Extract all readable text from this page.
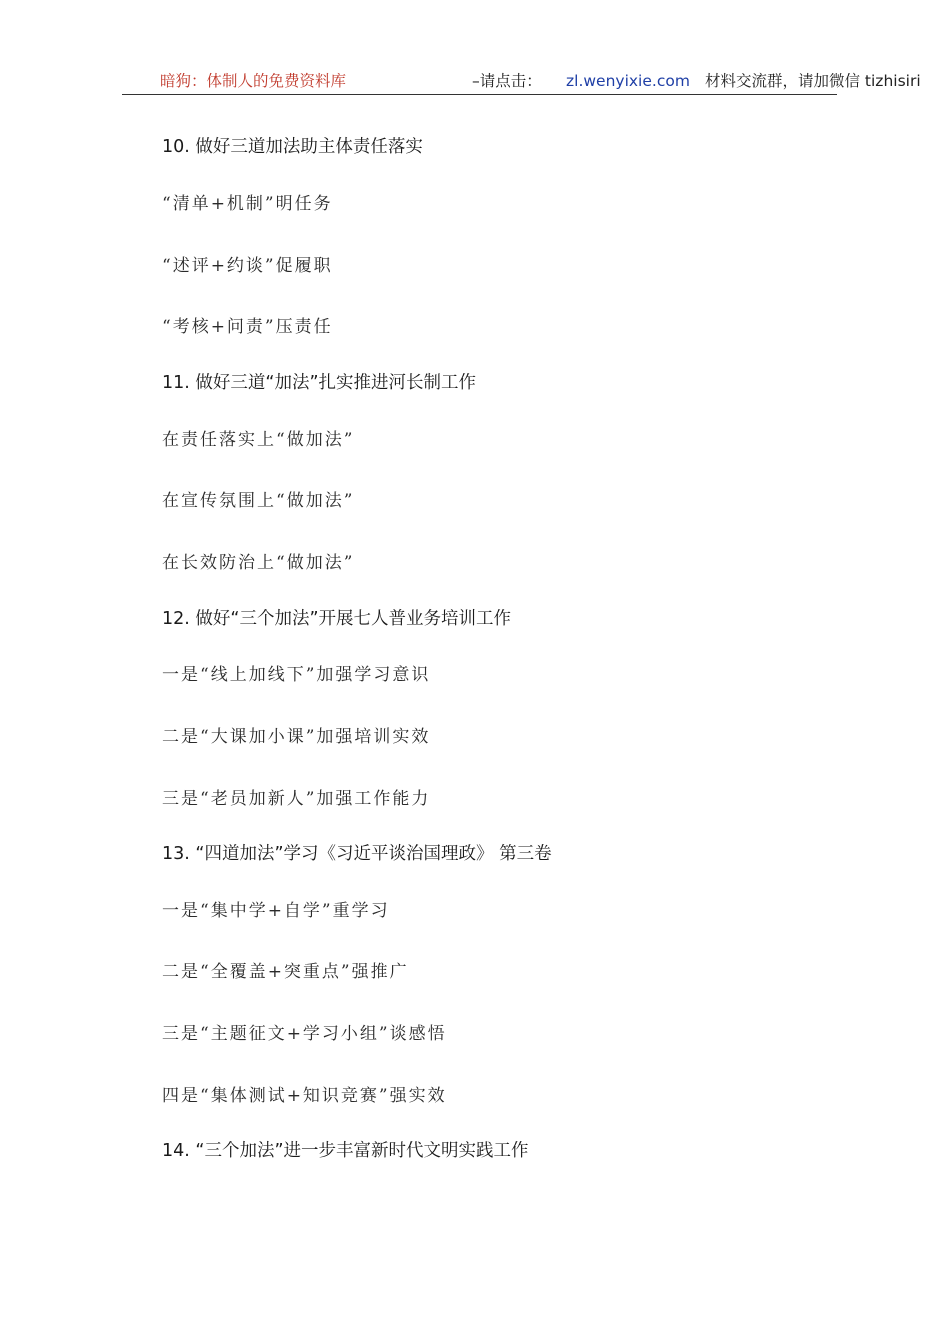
暗狗：体制人的免费资料库	–请点击： zl.wenyixie.com 材料交流群，请加微信 tizhisiri
10. 做好三道加法助主体责任落实
“清单+机制”明任务
“述评+约谈”促履职
“考核+问责”压责任
11. 做好三道“加法”扎实推进河长制工作
在责任落实上“做加法”
在宣传氛围上“做加法”
在长效防治上“做加法”
12. 做好“三个加法”开展七人普业务培训工作
一是“线上加线下”加强学习意识
二是“大课加小课”加强培训实效
三是“老员加新人”加强工作能力
13. “四道加法”学习《习近平谈治国理政》 第三卷
一是“集中学+自学”重学习
二是“全覆盖+突重点”强推广
三是“主题征文+学习小组”谈感悟
四是“集体测试+知识竞赛”强实效
14. “三个加法”进一步丰富新时代文明实践工作
